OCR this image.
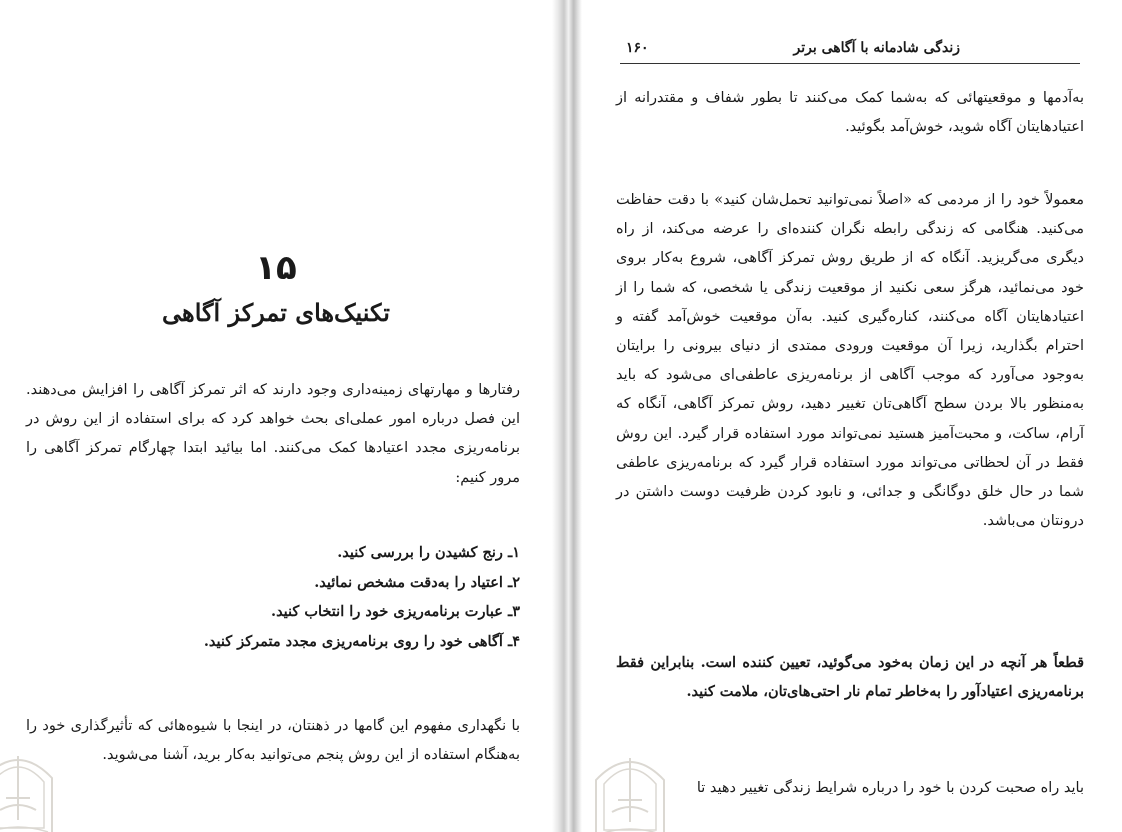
۱۵
تکنیک‌های تمرکز آگاهی

رفتارها و مهارتهای زمینه‌داری وجود دارند که اثر تمرکز آگاهی را افزایش می‌دهند. این فصل درباره امور عملی‌ای بحث خواهد کرد که برای استفاده از این روش در برنامه‌ریزی مجدد اعتیادها کمک می‌کنند. اما بیائید ابتدا چهارگام تمرکز آگاهی را مرور کنیم:

۱ـ رنج کشیدن را بررسی کنید.
۲ـ اعتیاد را به‌دقت مشخص نمائید.
۳ـ عبارت برنامه‌ریزی خود را انتخاب کنید.
۴ـ آگاهی خود را روی برنامه‌ریزی مجدد متمرکز کنید.

با نگهداری مفهوم این گامها در ذهنتان، در اینجا با شیوه‌هائی که تأثیرگذاری خود را به‌هنگام استفاده از این روش پنجم می‌توانید به‌کار برید، آشنا می‌شوید.

زندگی شادمانه با آگاهی برتر
۱۶۰

به‌آدمها و موقعیتهائی که به‌شما کمک می‌کنند تا بطور شفاف و مقتدرانه از اعتیادهایتان آگاه شوید، خوش‌آمد بگوئید.

معمولاً خود را از مردمی که «اصلاً نمی‌توانید تحمل‌شان کنید» با دقت حفاظت می‌کنید. هنگامی که زندگی رابطه نگران کننده‌ای را عرضه می‌کند، از راه دیگری می‌گریزید. آنگاه که از طریق روش تمرکز آگاهی، شروع به‌کار بروی خود می‌نمائید، هرگز سعی نکنید از موقعیت زندگی یا شخصی، که شما را از اعتیادهایتان آگاه می‌کنند، کناره‌گیری کنید. به‌آن موقعیت خوش‌آمد گفته و احترام بگذارید، زیرا آن موقعیت ورودی ممتدی از دنیای بیرونی را برایتان به‌وجود می‌آورد که موجب آگاهی از برنامه‌ریزی عاطفی‌ای می‌شود که باید به‌منظور بالا بردن سطح آگاهی‌تان تغییر دهید، روش تمرکز آگاهی، آنگاه که آرام، ساکت، و محبت‌آمیز هستید نمی‌تواند مورد استفاده قرار گیرد. این روش فقط در آن لحظاتی می‌تواند مورد استفاده قرار گیرد که برنامه‌ریزی عاطفی شما در حال خلق دوگانگی و جدائی، و نابود کردن ظرفیت دوست داشتن در درونتان می‌باشد.

قطعاً هر آنچه در این زمان به‌خود می‌گوئید، تعیین کننده است. بنابراین فقط برنامه‌ریزی اعتیادآور را به‌خاطر تمام نار احتی‌های‌تان، ملامت کنید.

باید راه صحبت کردن با خود را درباره شرایط زندگی تغییر دهید تا
